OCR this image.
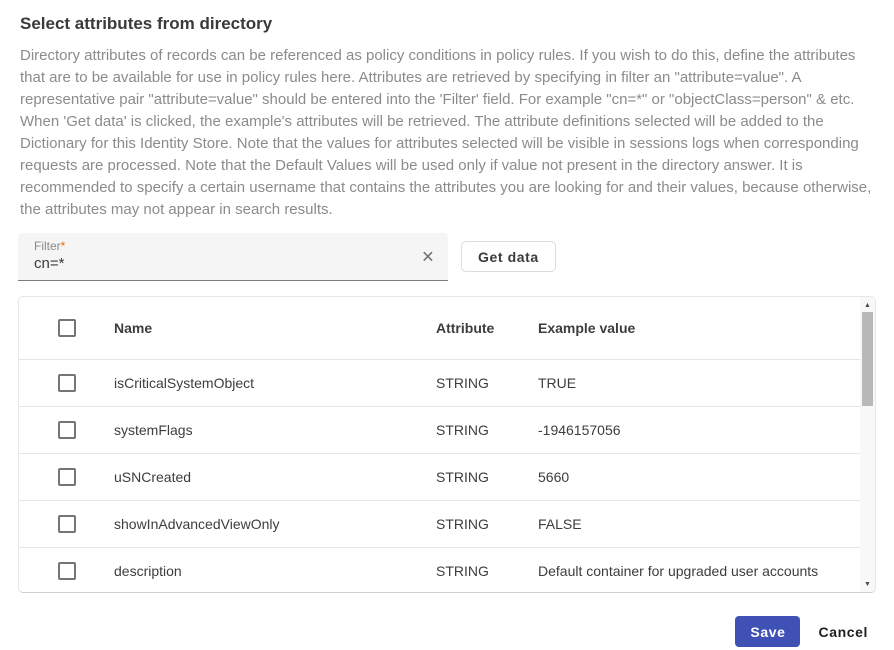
Select attributes from directory

Directory attributes of records can be referenced as policy conditions in policy rules. If you wish to do this, define the attributes that are to be available for use in policy rules here. Attributes are retrieved by specifying in filter an "attribute=value". A representative pair "attribute=value" should be entered into the 'Filter' field. For example "cn=*" or "objectClass=person" & etc. When 'Get data' is clicked, the example's attributes will be retrieved. The attribute definitions selected will be added to the Dictionary for this Identity Store. Note that the values for attributes selected will be visible in sessions logs when corresponding requests are processed. Note that the Default Values will be used only if value not present in the directory answer. It is recommended to specify a certain username that contains the attributes you are looking for and their values, because otherwise, the attributes may not appear in search results.

Filter*
cn=*	×	Get data
Name	Attribute	Example value
isCriticalSystemObject	STRING	TRUE
systemFlags	STRING	-1946157056
uSNCreated	STRING	5660
showInAdvancedViewOnly	STRING	FALSE
description	STRING	Default container for upgraded user accounts
▲
▼
Save	Cancel
